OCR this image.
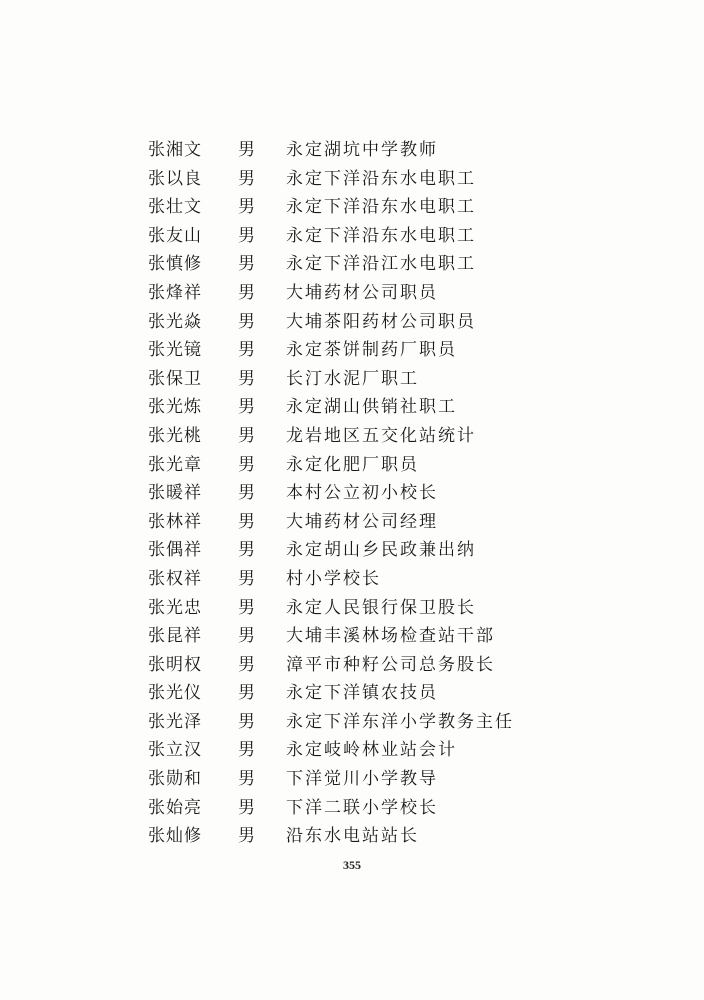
张湘文 男 永定湖坑中学教师
张以良 男 永定下洋沿东水电职工
张壮文 男 永定下洋沿东水电职工
张友山 男 永定下洋沿东水电职工
张慎修 男 永定下洋沿江水电职工
张烽祥 男 大埔药材公司职员
张光焱 男 大埔茶阳药材公司职员
张光镜 男 永定茶饼制药厂职员
张保卫 男 长汀水泥厂职工
张光炼 男 永定湖山供销社职工
张光桃 男 龙岩地区五交化站统计
张光章 男 永定化肥厂职员
张暖祥 男 本村公立初小校长
张林祥 男 大埔药材公司经理
张偶祥 男 永定胡山乡民政兼出纳
张权祥 男 村小学校长
张光忠 男 永定人民银行保卫股长
张昆祥 男 大埔丰溪林场检查站干部
张明权 男 漳平市种籽公司总务股长
张光仪 男 永定下洋镇农技员
张光泽 男 永定下洋东洋小学教务主任
张立汉 男 永定岐岭林业站会计
张勋和 男 下洋觉川小学教导
张始亮 男 下洋二联小学校长
张灿修 男 沿东水电站站长
355
